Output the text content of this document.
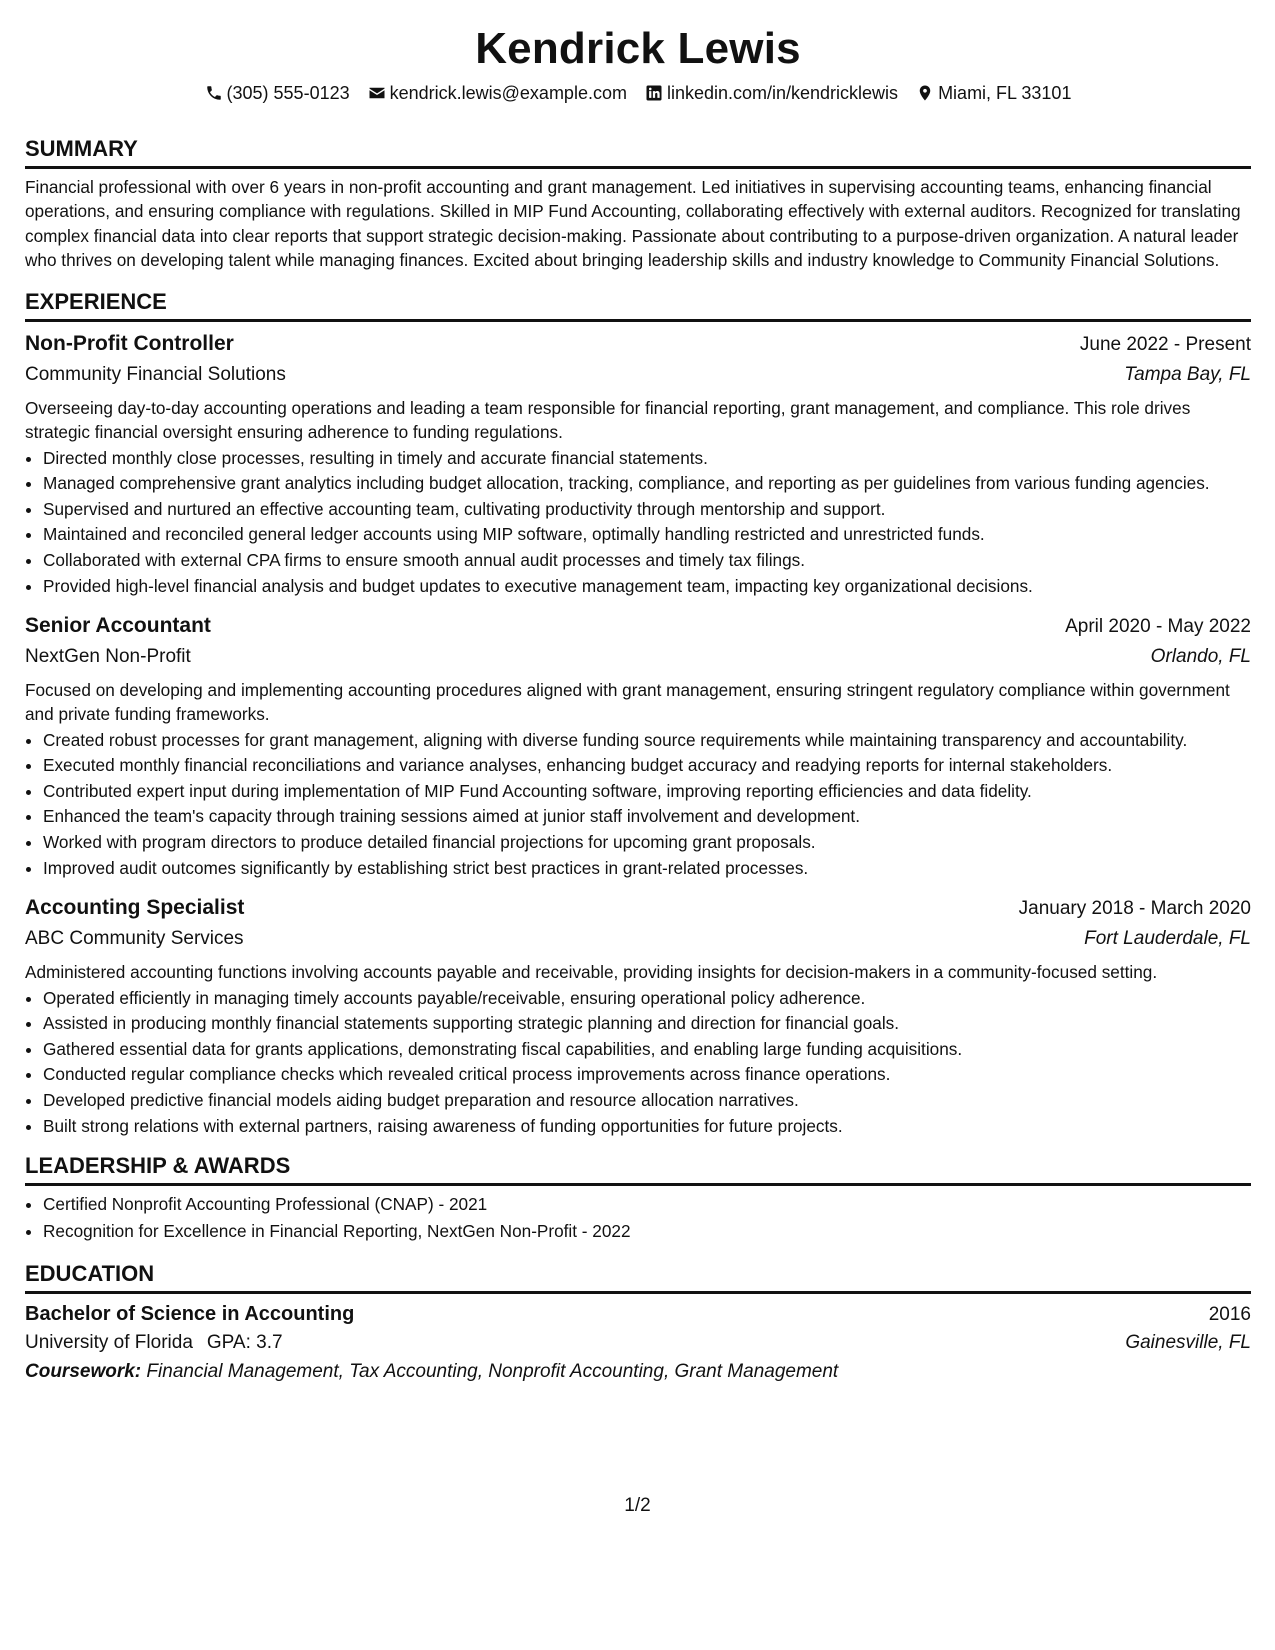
Kendrick Lewis
(305) 555-0123 kendrick.lewis@example.com linkedin.com/in/kendricklewis Miami, FL 33101
SUMMARY

Financial professional with over 6 years in non-profit accounting and grant management. Led initiatives in supervising accounting teams, enhancing financial operations, and ensuring compliance with regulations. Skilled in MIP Fund Accounting, collaborating effectively with external auditors. Recognized for translating complex financial data into clear reports that support strategic decision-making. Passionate about contributing to a purpose-driven organization. A natural leader who thrives on developing talent while managing finances. Excited about bringing leadership skills and industry knowledge to Community Financial Solutions.

EXPERIENCE
Non-Profit Controller	June 2022 - Present
Community Financial Solutions	Tampa Bay, FL
Overseeing day-to-day accounting operations and leading a team responsible for financial reporting, grant management, and compliance. This role drives strategic financial oversight ensuring adherence to funding regulations.
• Directed monthly close processes, resulting in timely and accurate financial statements.
• Managed comprehensive grant analytics including budget allocation, tracking, compliance, and reporting as per guidelines from various funding agencies.
• Supervised and nurtured an effective accounting team, cultivating productivity through mentorship and support.
• Maintained and reconciled general ledger accounts using MIP software, optimally handling restricted and unrestricted funds.
• Collaborated with external CPA firms to ensure smooth annual audit processes and timely tax filings.
• Provided high-level financial analysis and budget updates to executive management team, impacting key organizational decisions.
Senior Accountant	April 2020 - May 2022
NextGen Non-Profit	Orlando, FL
Focused on developing and implementing accounting procedures aligned with grant management, ensuring stringent regulatory compliance within government and private funding frameworks.
• Created robust processes for grant management, aligning with diverse funding source requirements while maintaining transparency and accountability.
• Executed monthly financial reconciliations and variance analyses, enhancing budget accuracy and readying reports for internal stakeholders.
• Contributed expert input during implementation of MIP Fund Accounting software, improving reporting efficiencies and data fidelity.
• Enhanced the team's capacity through training sessions aimed at junior staff involvement and development.
• Worked with program directors to produce detailed financial projections for upcoming grant proposals.
• Improved audit outcomes significantly by establishing strict best practices in grant-related processes.
Accounting Specialist	January 2018 - March 2020
ABC Community Services	Fort Lauderdale, FL
Administered accounting functions involving accounts payable and receivable, providing insights for decision-makers in a community-focused setting.
• Operated efficiently in managing timely accounts payable/receivable, ensuring operational policy adherence.
• Assisted in producing monthly financial statements supporting strategic planning and direction for financial goals.
• Gathered essential data for grants applications, demonstrating fiscal capabilities, and enabling large funding acquisitions.
• Conducted regular compliance checks which revealed critical process improvements across finance operations.
• Developed predictive financial models aiding budget preparation and resource allocation narratives.
• Built strong relations with external partners, raising awareness of funding opportunities for future projects.
LEADERSHIP & AWARDS
• Certified Nonprofit Accounting Professional (CNAP) - 2021
• Recognition for Excellence in Financial Reporting, NextGen Non-Profit - 2022
EDUCATION
Bachelor of Science in Accounting	2016
University of Florida GPA: 3.7	Gainesville, FL
Coursework: Financial Management, Tax Accounting, Nonprofit Accounting, Grant Management
1/2
